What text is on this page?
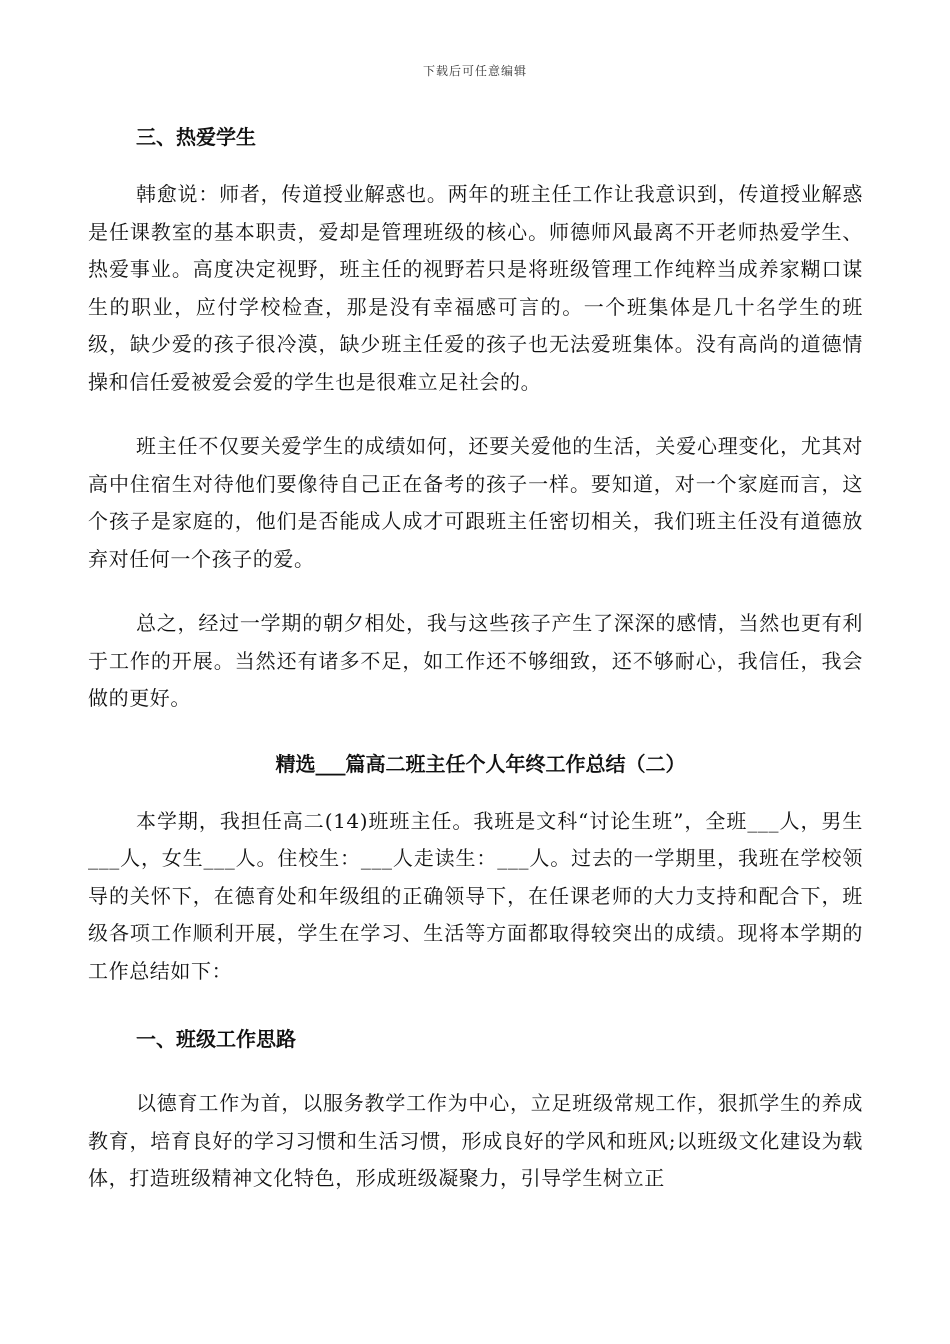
下载后可任意编辑

三、热爱学生

韩愈说：师者，传道授业解惑也。两年的班主任工作让我意识到，传道授业解惑是任课教室的基本职责，爱却是管理班级的核心。师德师风最离不开老师热爱学生、热爱事业。高度决定视野，班主任的视野若只是将班级管理工作纯粹当成养家糊口谋生的职业，应付学校检查，那是没有幸福感可言的。一个班集体是几十名学生的班级，缺少爱的孩子很冷漠，缺少班主任爱的孩子也无法爱班集体。没有高尚的道德情操和信任爱被爱会爱的学生也是很难立足社会的。

班主任不仅要关爱学生的成绩如何，还要关爱他的生活，关爱心理变化，尤其对高中住宿生对待他们要像待自己正在备考的孩子一样。要知道，对一个家庭而言，这个孩子是家庭的，他们是否能成人成才可跟班主任密切相关，我们班主任没有道德放弃对任何一个孩子的爱。

总之，经过一学期的朝夕相处，我与这些孩子产生了深深的感情，当然也更有利于工作的开展。当然还有诸多不足，如工作还不够细致，还不够耐心，我信任，我会做的更好。

精选___篇高二班主任个人年终工作总结（二）

本学期，我担任高二(14)班班主任。我班是文科“讨论生班”，全班___人，男生___人，女生___人。住校生：___人走读生：___人。过去的一学期里，我班在学校领导的关怀下，在德育处和年级组的正确领导下，在任课老师的大力支持和配合下，班级各项工作顺利开展，学生在学习、生活等方面都取得较突出的成绩。现将本学期的工作总结如下：

一、班级工作思路

以德育工作为首，以服务教学工作为中心，立足班级常规工作，狠抓学生的养成教育，培育良好的学习习惯和生活习惯，形成良好的学风和班风;以班级文化建设为载体，打造班级精神文化特色，形成班级凝聚力，引导学生树立正
